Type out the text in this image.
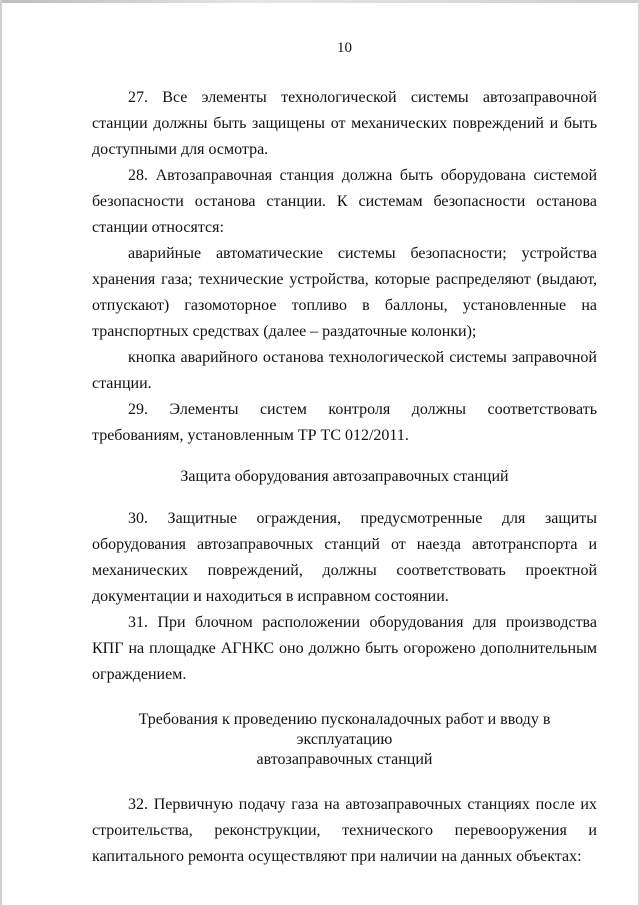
10

27. Все элементы технологической системы автозаправочной станции должны быть защищены от механических повреждений и быть доступными для осмотра.

28. Автозаправочная станция должна быть оборудована системой безопасности останова станции. К системам безопасности останова станции относятся:

аварийные автоматические системы безопасности; устройства хранения газа; технические устройства, которые распределяют (выдают, отпускают) газомоторное топливо в баллоны, установленные на транспортных средствах (далее – раздаточные колонки);

кнопка аварийного останова технологической системы заправочной станции.

29. Элементы систем контроля должны соответствовать требованиям, установленным ТР ТС 012/2011.

Защита оборудования автозаправочных станций

30. Защитные ограждения, предусмотренные для защиты оборудования автозаправочных станций от наезда автотранспорта и механических повреждений, должны соответствовать проектной документации и находиться в исправном состоянии.

31. При блочном расположении оборудования для производства КПГ на площадке АГНКС оно должно быть огорожено дополнительным ограждением.

Требования к проведению пусконаладочных работ и вводу в эксплуатацию
автозаправочных станций

32. Первичную подачу газа на автозаправочных станциях после их строительства, реконструкции, технического перевооружения и капитального ремонта осуществляют при наличии на данных объектах:
